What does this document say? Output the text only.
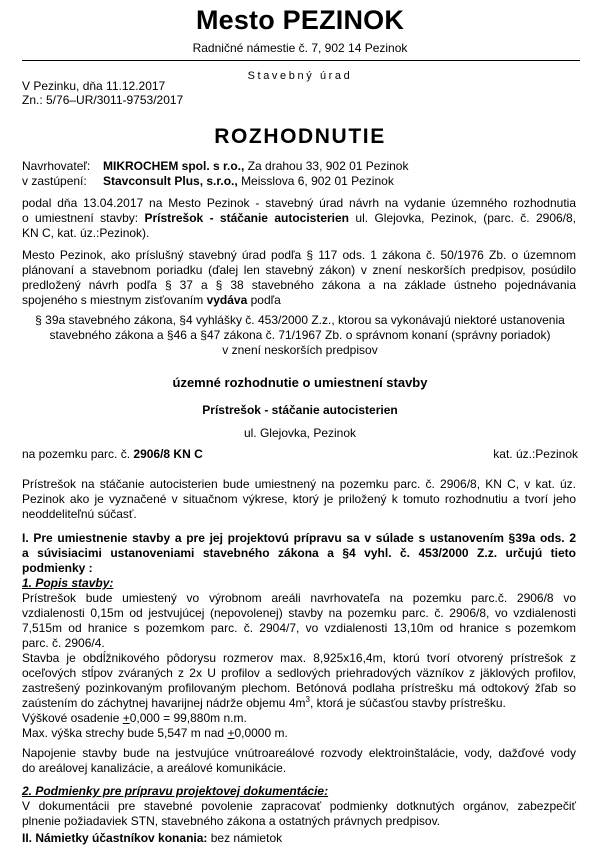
Mesto PEZINOK
Radničné námestie č. 7, 902 14 Pezinok
Stavebný úrad
V Pezinku, dňa 11.12.2017
Zn.: 5/76–UR/3011-9753/2017
ROZHODNUTIE
Navrhovateľ: MIKROCHEM spol. s r.o., Za drahou 33, 902 01 Pezinok
v zastúpení: Stavconsult Plus, s.r.o., Meisslova 6, 902 01 Pezinok
podal dňa 13.04.2017 na Mesto Pezinok - stavebný úrad návrh na vydanie územného rozhodnutia
o umiestnení stavby: Prístrešok - stáčanie autocisterien ul. Glejovka, Pezinok, (parc. č. 2906/8,
KN C, kat. úz.:Pezinok).
Mesto Pezinok, ako príslušný stavebný úrad podľa § 117 ods. 1 zákona č. 50/1976 Zb. o územnom
plánovaní a stavebnom poriadku (ďalej len stavebný zákon) v znení neskorších predpisov, posúdilo
predložený návrh podľa § 37 a § 38 stavebného zákona a na základe ústneho pojednávania
spojeného s miestnym zisťovaním vydáva podľa
§ 39a stavebného zákona, §4 vyhlášky č. 453/2000 Z.z., ktorou sa vykonávajú niektoré ustanovenia
stavebného zákona a §46 a §47 zákona č. 71/1967 Zb. o správnom konaní (správny poriadok)
v znení neskorších predpisov
územné rozhodnutie o umiestnení stavby
Prístrešok - stáčanie autocisterien
ul. Glejovka, Pezinok
na pozemku parc. č. 2906/8 KN C	kat. úz.:Pezinok
Prístrešok na stáčanie autocisterien bude umiestnený na pozemku parc. č. 2906/8, KN C, v kat. úz.
Pezinok ako je vyznačené v situačnom výkrese, ktorý je priložený k tomuto rozhodnutiu a tvorí jeho
neoddeliteľnú súčasť.
I. Pre umiestnenie stavby a pre jej projektovú prípravu sa v súlade s ustanovením §39a ods. 2
a súvisiacimi ustanoveniami stavebného zákona a §4 vyhl. č. 453/2000 Z.z. určujú tieto
podmienky :
1. Popis stavby:
Prístrešok bude umiestený vo výrobnom areáli navrhovateľa na pozemku parc.č. 2906/8 vo
vzdialenosti 0,15m od jestvujúcej (nepovolenej) stavby na pozemku parc. č. 2906/8, vo vzdialenosti
7,515m od hranice s pozemkom parc. č. 2904/7, vo vzdialenosti 13,10m od hranice s pozemkom
parc. č. 2906/4.
Stavba je obdĺžnikového pôdorysu rozmerov max. 8,925x16,4m, ktorú tvorí otvorený prístrešok z
oceľových stĺpov zváraných z 2x U profilov a sedlových priehradových väzníkov z jäklových profilov,
zastrešený pozinkovaným profilovaným plechom. Betónová podlaha prístrešku má odtokový žľab so
zaústením do záchytnej havarijnej nádrže objemu $4m^3$, ktorá je súčasťou stavby prístrešku.
Výškové osadenie +0,000 = 99,880m n.m.
Max. výška strechy bude 5,547 m nad +0,0000 m.
Napojenie stavby bude na jestvujúce vnútroareálové rozvody elektroinštalácie, vody, dažďové vody
do areálovej kanalizácie, a areálové komunikácie.
2. Podmienky pre prípravu projektovej dokumentácie:
V dokumentácii pre stavebné povolenie zapracovať podmienky dotknutých orgánov, zabezpečiť
plnenie požiadaviek STN, stavebného zákona a ostatných právnych predpisov.
II. Námietky účastníkov konania: bez námietok
